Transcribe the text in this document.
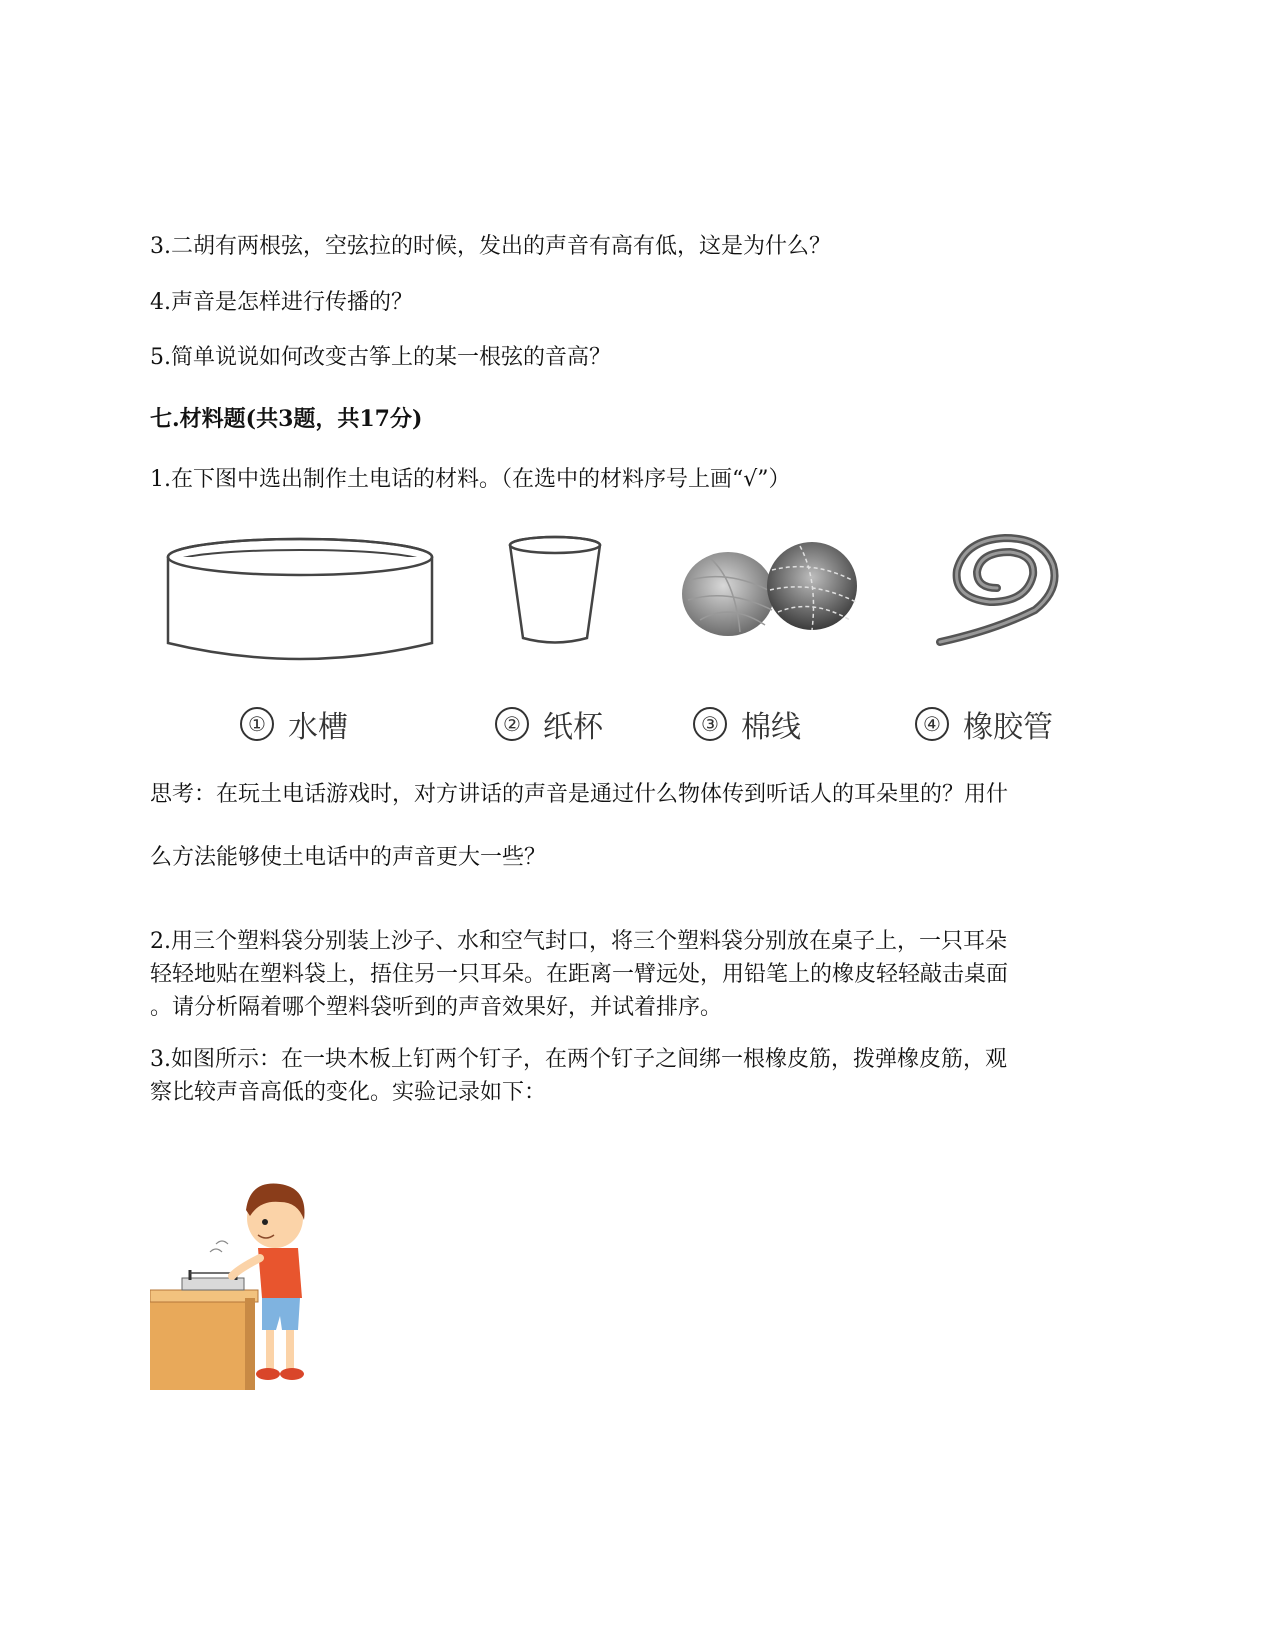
3.二胡有两根弦，空弦拉的时候，发出的声音有高有低，这是为什么？
4.声音是怎样进行传播的？
5.简单说说如何改变古筝上的某一根弦的音高？
七.材料题(共3题，共17分)
1.在下图中选出制作土电话的材料。（在选中的材料序号上画“√”）
① 水槽	② 纸杯	③ 棉线	④ 橡胶管
思考：在玩土电话游戏时，对方讲话的声音是通过什么物体传到听话人的耳朵里的？用什
么方法能够使土电话中的声音更大一些？
2.用三个塑料袋分别装上沙子、水和空气封口，将三个塑料袋分别放在桌子上，一只耳朵
轻轻地贴在塑料袋上，捂住另一只耳朵。在距离一臂远处，用铅笔上的橡皮轻轻敲击桌面
。请分析隔着哪个塑料袋听到的声音效果好，并试着排序。
3.如图所示：在一块木板上钉两个钉子，在两个钉子之间绑一根橡皮筋，拨弹橡皮筋，观
察比较声音高低的变化。实验记录如下：
